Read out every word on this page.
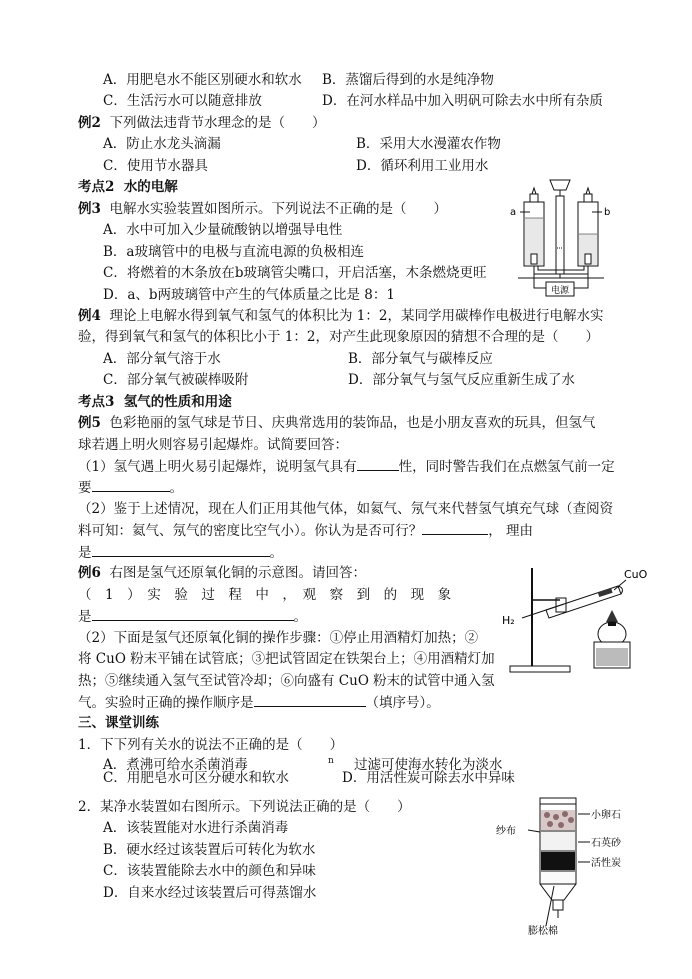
A．用肥皂水不能区别硬水和软水 B．蒸馏后得到的水是纯净物
C．生活污水可以随意排放	D．在河水样品中加入明矾可除去水中所有杂质
例2 下列做法违背节水理念的是（　　）
A．防止水龙头滴漏	B．采用大水漫灌农作物
C．使用节水器具	D．循环利用工业用水
考点2 水的电解
例3 电解水实验装置如图所示。下列说法不正确的是（　　）
A．水中可加入少量硫酸钠以增强导电性
B．a玻璃管中的电极与直流电源的负极相连
C．将燃着的木条放在b玻璃管尖嘴口，开启活塞，木条燃烧更旺
D．a、b两玻璃管中产生的气体质量之比是 8：1	电源
a	b
例4 理论上电解水得到氧气和氢气的体积比为 1：2，某同学用碳棒作电极进行电解水实
验，得到氧气和氢气的体积比小于 1：2，对产生此现象原因的猜想不合理的是（　　）
A．部分氧气溶于水	B．部分氧气与碳棒反应
C．部分氧气被碳棒吸附	D．部分氧气与氢气反应重新生成了水
考点3 氢气的性质和用途
例5 色彩艳丽的氢气球是节日、庆典常选用的装饰品，也是小朋友喜欢的玩具，但氢气
球若遇上明火则容易引起爆炸。试简要回答：
（1）氢气遇上明火易引起爆炸，说明氢气具有	性，同时警告我们在点燃氢气前一定
要	。
（2）鉴于上述情况，现在人们正用其他气体，如氦气、氖气来代替氢气填充气球（查阅资
料可知：氦气、氖气的密度比空气小）。你认为是否可行？	， 理由
是	。
例6 右图是氢气还原氧化铜的示意图。请回答：
（　1　）　实　验　过　程　中　，　观　察　到　的　现　象
是	。
（2）下面是氢气还原氧化铜的操作步骤：①停止用酒精灯加热；②
将 CuO 粉末平铺在试管底；③把试管固定在铁架台上；④用酒精灯加
热；⑤继续通入氢气至试管冷却；⑥向盛有 CuO 粉末的试管中通入氢
气。实验时正确的操作顺序是	（填序号）。
H₂
CuO
三、课堂训练
1．下下列有关水的说法不正确的是（　　）
A．煮沸可给水杀菌消毒	n 过滤可使海水转化为淡水
C．用肥皂水可区分硬水和软水	D．用活性炭可除去水中异味
2．某净水装置如右图所示。下列说法正确的是（　　）
A．该装置能对水进行杀菌消毒
B．硬水经过该装置后可转化为软水
C．该装置能除去水中的颜色和异味
D．自来水经过该装置后可得蒸馏水
小卵石
石英砂
活性炭
纱布
膨松棉
